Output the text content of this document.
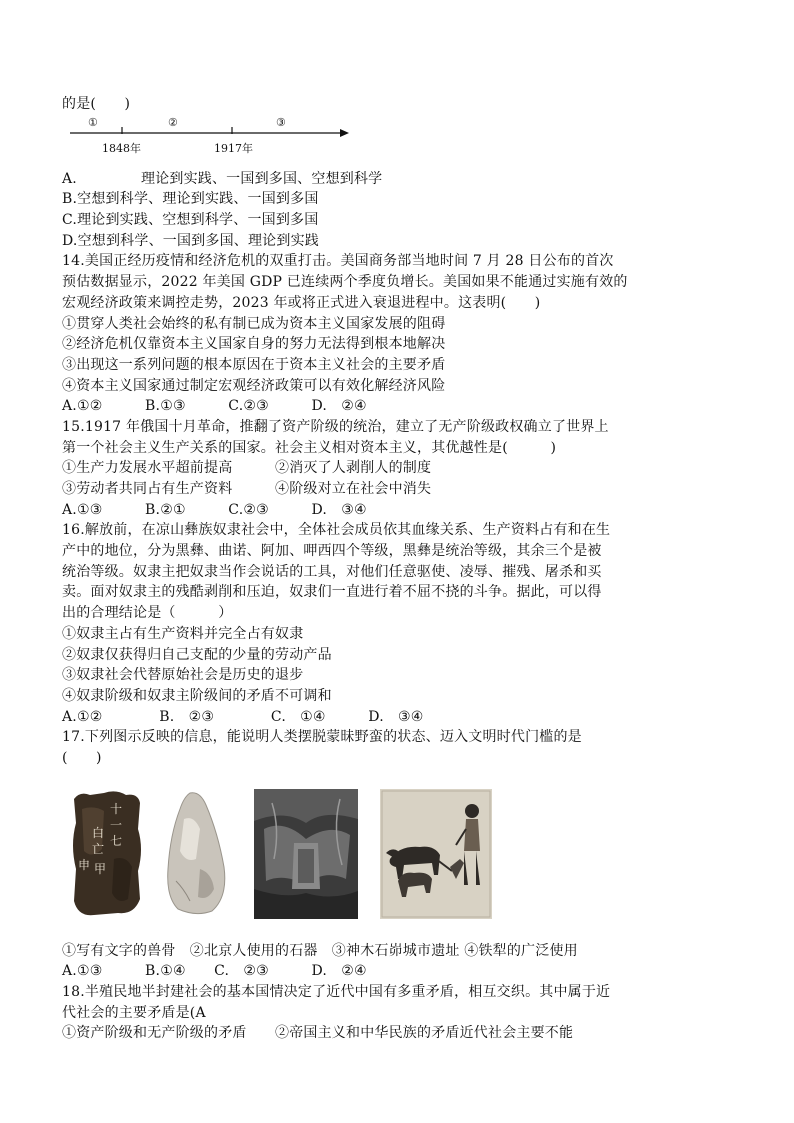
的是(　　)
①	②	③
1848年	1917年
A.	理论到实践、一国到多国、空想到科学
B.空想到科学、理论到实践、一国到多国
C.理论到实践、空想到科学、一国到多国
D.空想到科学、一国到多国、理论到实践
14.美国正经历疫情和经济危机的双重打击。美国商务部当地时间 7 月 28 日公布的首次
预估数据显示，2022 年美国 GDP 已连续两个季度负增长。美国如果不能通过实施有效的
宏观经济政策来调控走势，2023 年或将正式进入衰退进程中。这表明(　　)
①贯穿人类社会始终的私有制已成为资本主义国家发展的阻碍
②经济危机仅靠资本主义国家自身的努力无法得到根本地解决
③出现这一系列问题的根本原因在于资本主义社会的主要矛盾
④资本主义国家通过制定宏观经济政策可以有效化解经济风险
A.①②　　　B.①③　　　C.②③　　　D.　②④
15.1917 年俄国十月革命，推翻了资产阶级的统治，建立了无产阶级政权确立了世界上
第一个社会主义生产关系的国家。社会主义相对资本主义，其优越性是(　　　)
①生产力发展水平超前提高　　　②消灭了人剥削人的制度
③劳动者共同占有生产资料　　　④阶级对立在社会中消失
A.①③　　　B.②①　　　C.②③　　　D.　③④
16.解放前，在凉山彝族奴隶社会中，全体社会成员依其血缘关系、生产资料占有和在生
产中的地位，分为黑彝、曲诺、阿加、呷西四个等级，黑彝是统治等级，其余三个是被
统治等级。奴隶主把奴隶当作会说话的工具，对他们任意驱使、凌辱、摧残、屠杀和买
卖。面对奴隶主的残酷剥削和压迫，奴隶们一直进行着不屈不挠的斗争。据此，可以得
出的合理结论是（　　　）
①奴隶主占有生产资料并完全占有奴隶
②奴隶仅获得归自己支配的少量的劳动产品
③奴隶社会代替原始社会是历史的退步
④奴隶阶级和奴隶主阶级间的矛盾不可调和
A.①②　　　　B.　②③　　　　C.　①④　　　D.　③④
17.下列图示反映的信息，能说明人类摆脱蒙昧野蛮的状态、迈入文明时代门槛的是
(　　)
十
一
七
白
亡
甲
申
①写有文字的兽骨　②北京人使用的石器　③神木石峁城市遗址 ④铁犁的广泛使用
A.①③　　　B.①④　　C.　②③　　　D.　②④
18.半殖民地半封建社会的基本国情决定了近代中国有多重矛盾，相互交织。其中属于近
代社会的主要矛盾是(A
①资产阶级和无产阶级的矛盾　　②帝国主义和中华民族的矛盾近代社会主要不能
